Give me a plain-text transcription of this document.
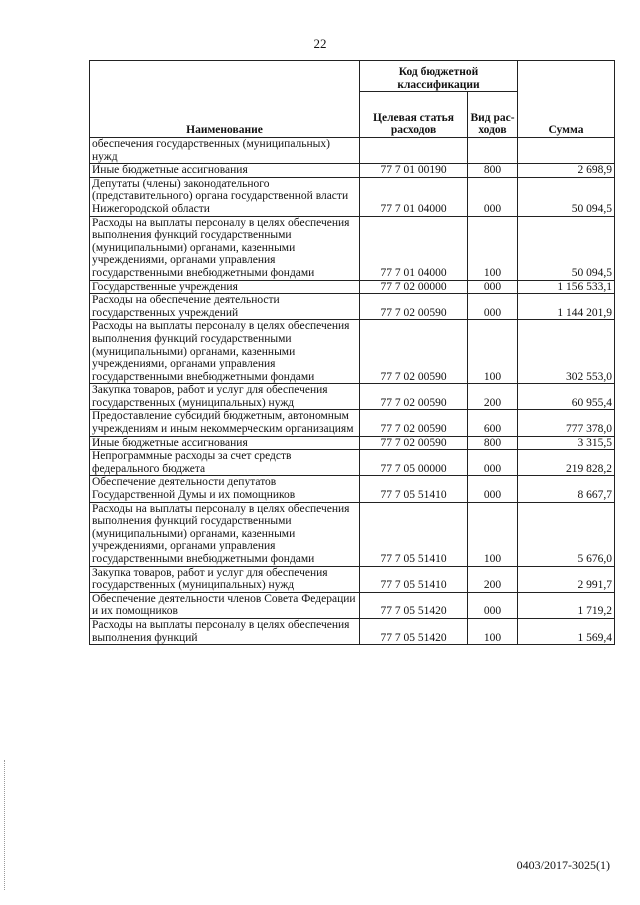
22
Наименование	Код бюджетной классификации		Сумма
	Целевая статья расходов	Вид рас-ходов	
обеспечения государственных (муниципальных) нужд			
Иные бюджетные ассигнования	77 7 01 00190	800	2 698,9
Депутаты (члены) законодательного (представительного) органа государственной власти Нижегородской области	77 7 01 04000	000	50 094,5
Расходы на выплаты персоналу в целях обеспечения выполнения функций государственными (муниципальными) органами, казенными учреждениями, органами управления государственными внебюджетными фондами	77 7 01 04000	100	50 094,5
Государственные учреждения	77 7 02 00000	000	1 156 533,1
Расходы на обеспечение деятельности государственных учреждений	77 7 02 00590	000	1 144 201,9
Расходы на выплаты персоналу в целях обеспечения выполнения функций государственными (муниципальными) органами, казенными учреждениями, органами управления государственными внебюджетными фондами	77 7 02 00590	100	302 553,0
Закупка товаров, работ и услуг для обеспечения государственных (муниципальных) нужд	77 7 02 00590	200	60 955,4
Предоставление субсидий бюджетным, автономным учреждениям и иным некоммерческим организациям	77 7 02 00590	600	777 378,0
Иные бюджетные ассигнования	77 7 02 00590	800	3 315,5
Непрограммные расходы за счет средств федерального бюджета	77 7 05 00000	000	219 828,2
Обеспечение деятельности депутатов Государственной Думы и их помощников	77 7 05 51410	000	8 667,7
Расходы на выплаты персоналу в целях обеспечения выполнения функций государственными (муниципальными) органами, казенными учреждениями, органами управления государственными внебюджетными фондами	77 7 05 51410	100	5 676,0
Закупка товаров, работ и услуг для обеспечения государственных (муниципальных) нужд	77 7 05 51410	200	2 991,7
Обеспечение деятельности членов Совета Федерации и их помощников	77 7 05 51420	000	1 719,2
Расходы на выплаты персоналу в целях обеспечения выполнения функций	77 7 05 51420	100	1 569,4
0403/2017-3025(1)
